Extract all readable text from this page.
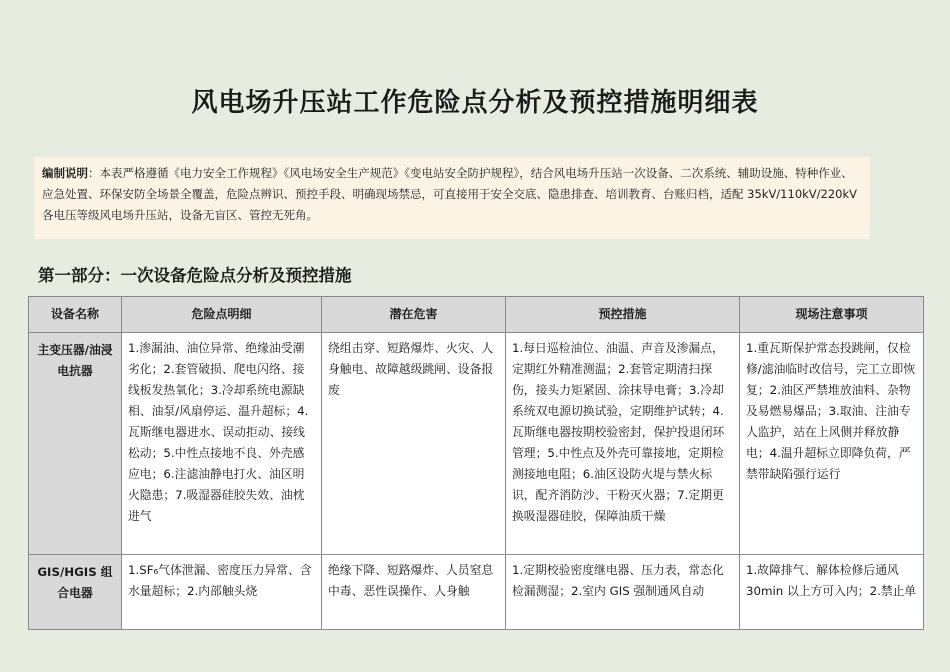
风电场升压站工作危险点分析及预控措施明细表
编制说明：本表严格遵循《电力安全工作规程》《风电场安全生产规范》《变电站安全防护规程》，结合风电场升压站一次设备、二次系统、辅助设施、特种作业、应急处置、环保安防全场景全覆盖，危险点辨识、预控手段、明确现场禁忌，可直接用于安全交底、隐患排查、培训教育、台账归档，适配 35kV/110kV/220kV 各电压等级风电场升压站，设备无盲区、管控无死角。
第一部分：一次设备危险点分析及预控措施
设备名称	危险点明细	潜在危害	预控措施	现场注意事项
主变压器/油浸电抗器	1.渗漏油、油位异常、绝缘油受潮劣化；2.套管破损、爬电闪络、接线板发热氧化；3.冷却系统电源缺相、油泵/风扇停运、温升超标；4.瓦斯继电器进水、误动拒动、接线松动；5.中性点接地不良、外壳感应电；6.注滤油静电打火、油区明火隐患；7.吸湿器硅胶失效、油枕进气	绕组击穿、短路爆炸、火灾、人身触电、故障越级跳闸、设备报废	1.每日巡检油位、油温、声音及渗漏点，定期红外精准测温；2.套管定期清扫探伤，接头力矩紧固、涂抹导电膏；3.冷却系统双电源切换试验，定期维护试转；4.瓦斯继电器按期校验密封，保护投退闭环管理；5.中性点及外壳可靠接地，定期检测接地电阻；6.油区设防火堤与禁火标识，配齐消防沙、干粉灭火器；7.定期更换吸湿器硅胶，保障油质干燥	1.重瓦斯保护常态投跳闸，仅检修/滤油临时改信号，完工立即恢复；2.油区严禁堆放油料、杂物及易燃易爆品；3.取油、注油专人监护，站在上风侧并释放静电；4.温升超标立即降负荷，严禁带缺陷强行运行
GIS/HGIS 组合电器	1.SF₆气体泄漏、密度压力异常、含水量超标；2.内部触头烧	绝缘下降、短路爆炸、人员窒息中毒、恶性误操作、人身触	1.定期校验密度继电器、压力表，常态化检漏测湿；2.室内 GIS 强制通风自动	1.故障排气、解体检修后通风 30min 以上方可入内；2.禁止单
